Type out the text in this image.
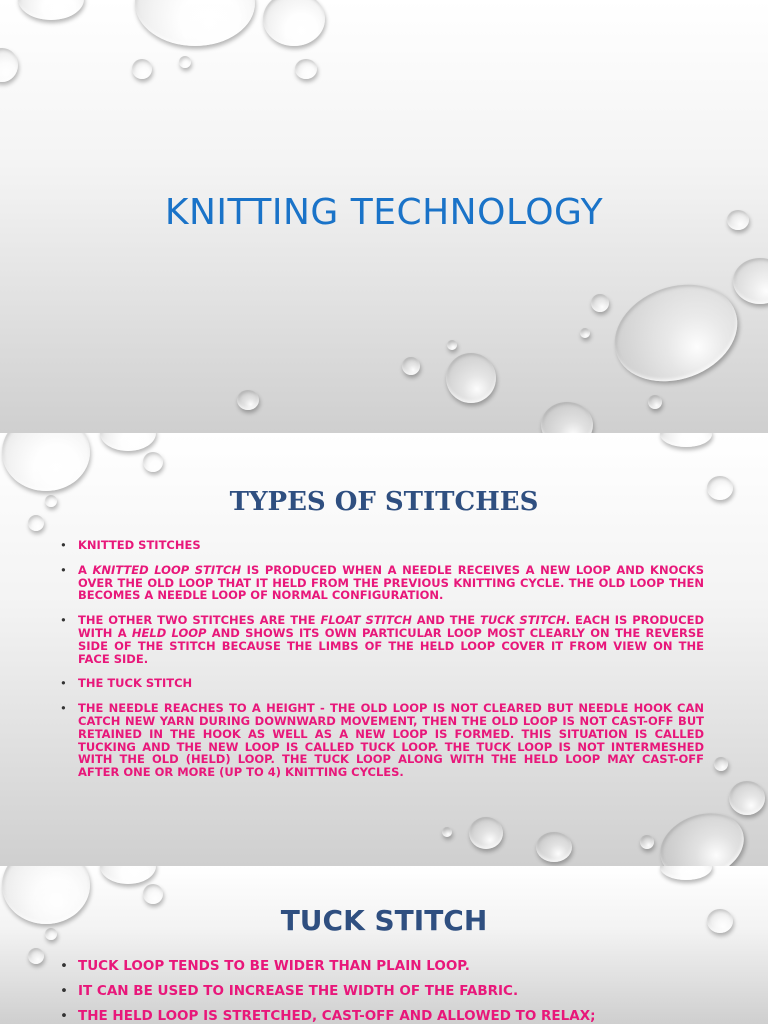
KNITTING TECHNOLOGY
TYPES OF STITCHES
• KNITTED STITCHES
• A KNITTED LOOP STITCH IS PRODUCED WHEN A NEEDLE RECEIVES A NEW LOOP AND KNOCKS OVER THE OLD LOOP THAT IT HELD FROM THE PREVIOUS KNITTING CYCLE. THE OLD LOOP THEN BECOMES A NEEDLE LOOP OF NORMAL CONFIGURATION.
• THE OTHER TWO STITCHES ARE THE FLOAT STITCH AND THE TUCK STITCH. EACH IS PRODUCED WITH A HELD LOOP AND SHOWS ITS OWN PARTICULAR LOOP MOST CLEARLY ON THE REVERSE SIDE OF THE STITCH BECAUSE THE LIMBS OF THE HELD LOOP COVER IT FROM VIEW ON THE FACE SIDE.
• THE TUCK STITCH
• THE NEEDLE REACHES TO A HEIGHT - THE OLD LOOP IS NOT CLEARED BUT NEEDLE HOOK CAN CATCH NEW YARN DURING DOWNWARD MOVEMENT, THEN THE OLD LOOP IS NOT CAST-OFF BUT RETAINED IN THE HOOK AS WELL AS A NEW LOOP IS FORMED. THIS SITUATION IS CALLED TUCKING AND THE NEW LOOP IS CALLED TUCK LOOP. THE TUCK LOOP IS NOT INTERMESHED WITH THE OLD (HELD) LOOP. THE TUCK LOOP ALONG WITH THE HELD LOOP MAY CAST-OFF AFTER ONE OR MORE (UP TO 4) KNITTING CYCLES.
TUCK STITCH
• TUCK LOOP TENDS TO BE WIDER THAN PLAIN LOOP.
• IT CAN BE USED TO INCREASE THE WIDTH OF THE FABRIC.
• THE HELD LOOP IS STRETCHED, CAST-OFF AND ALLOWED TO RELAX;
